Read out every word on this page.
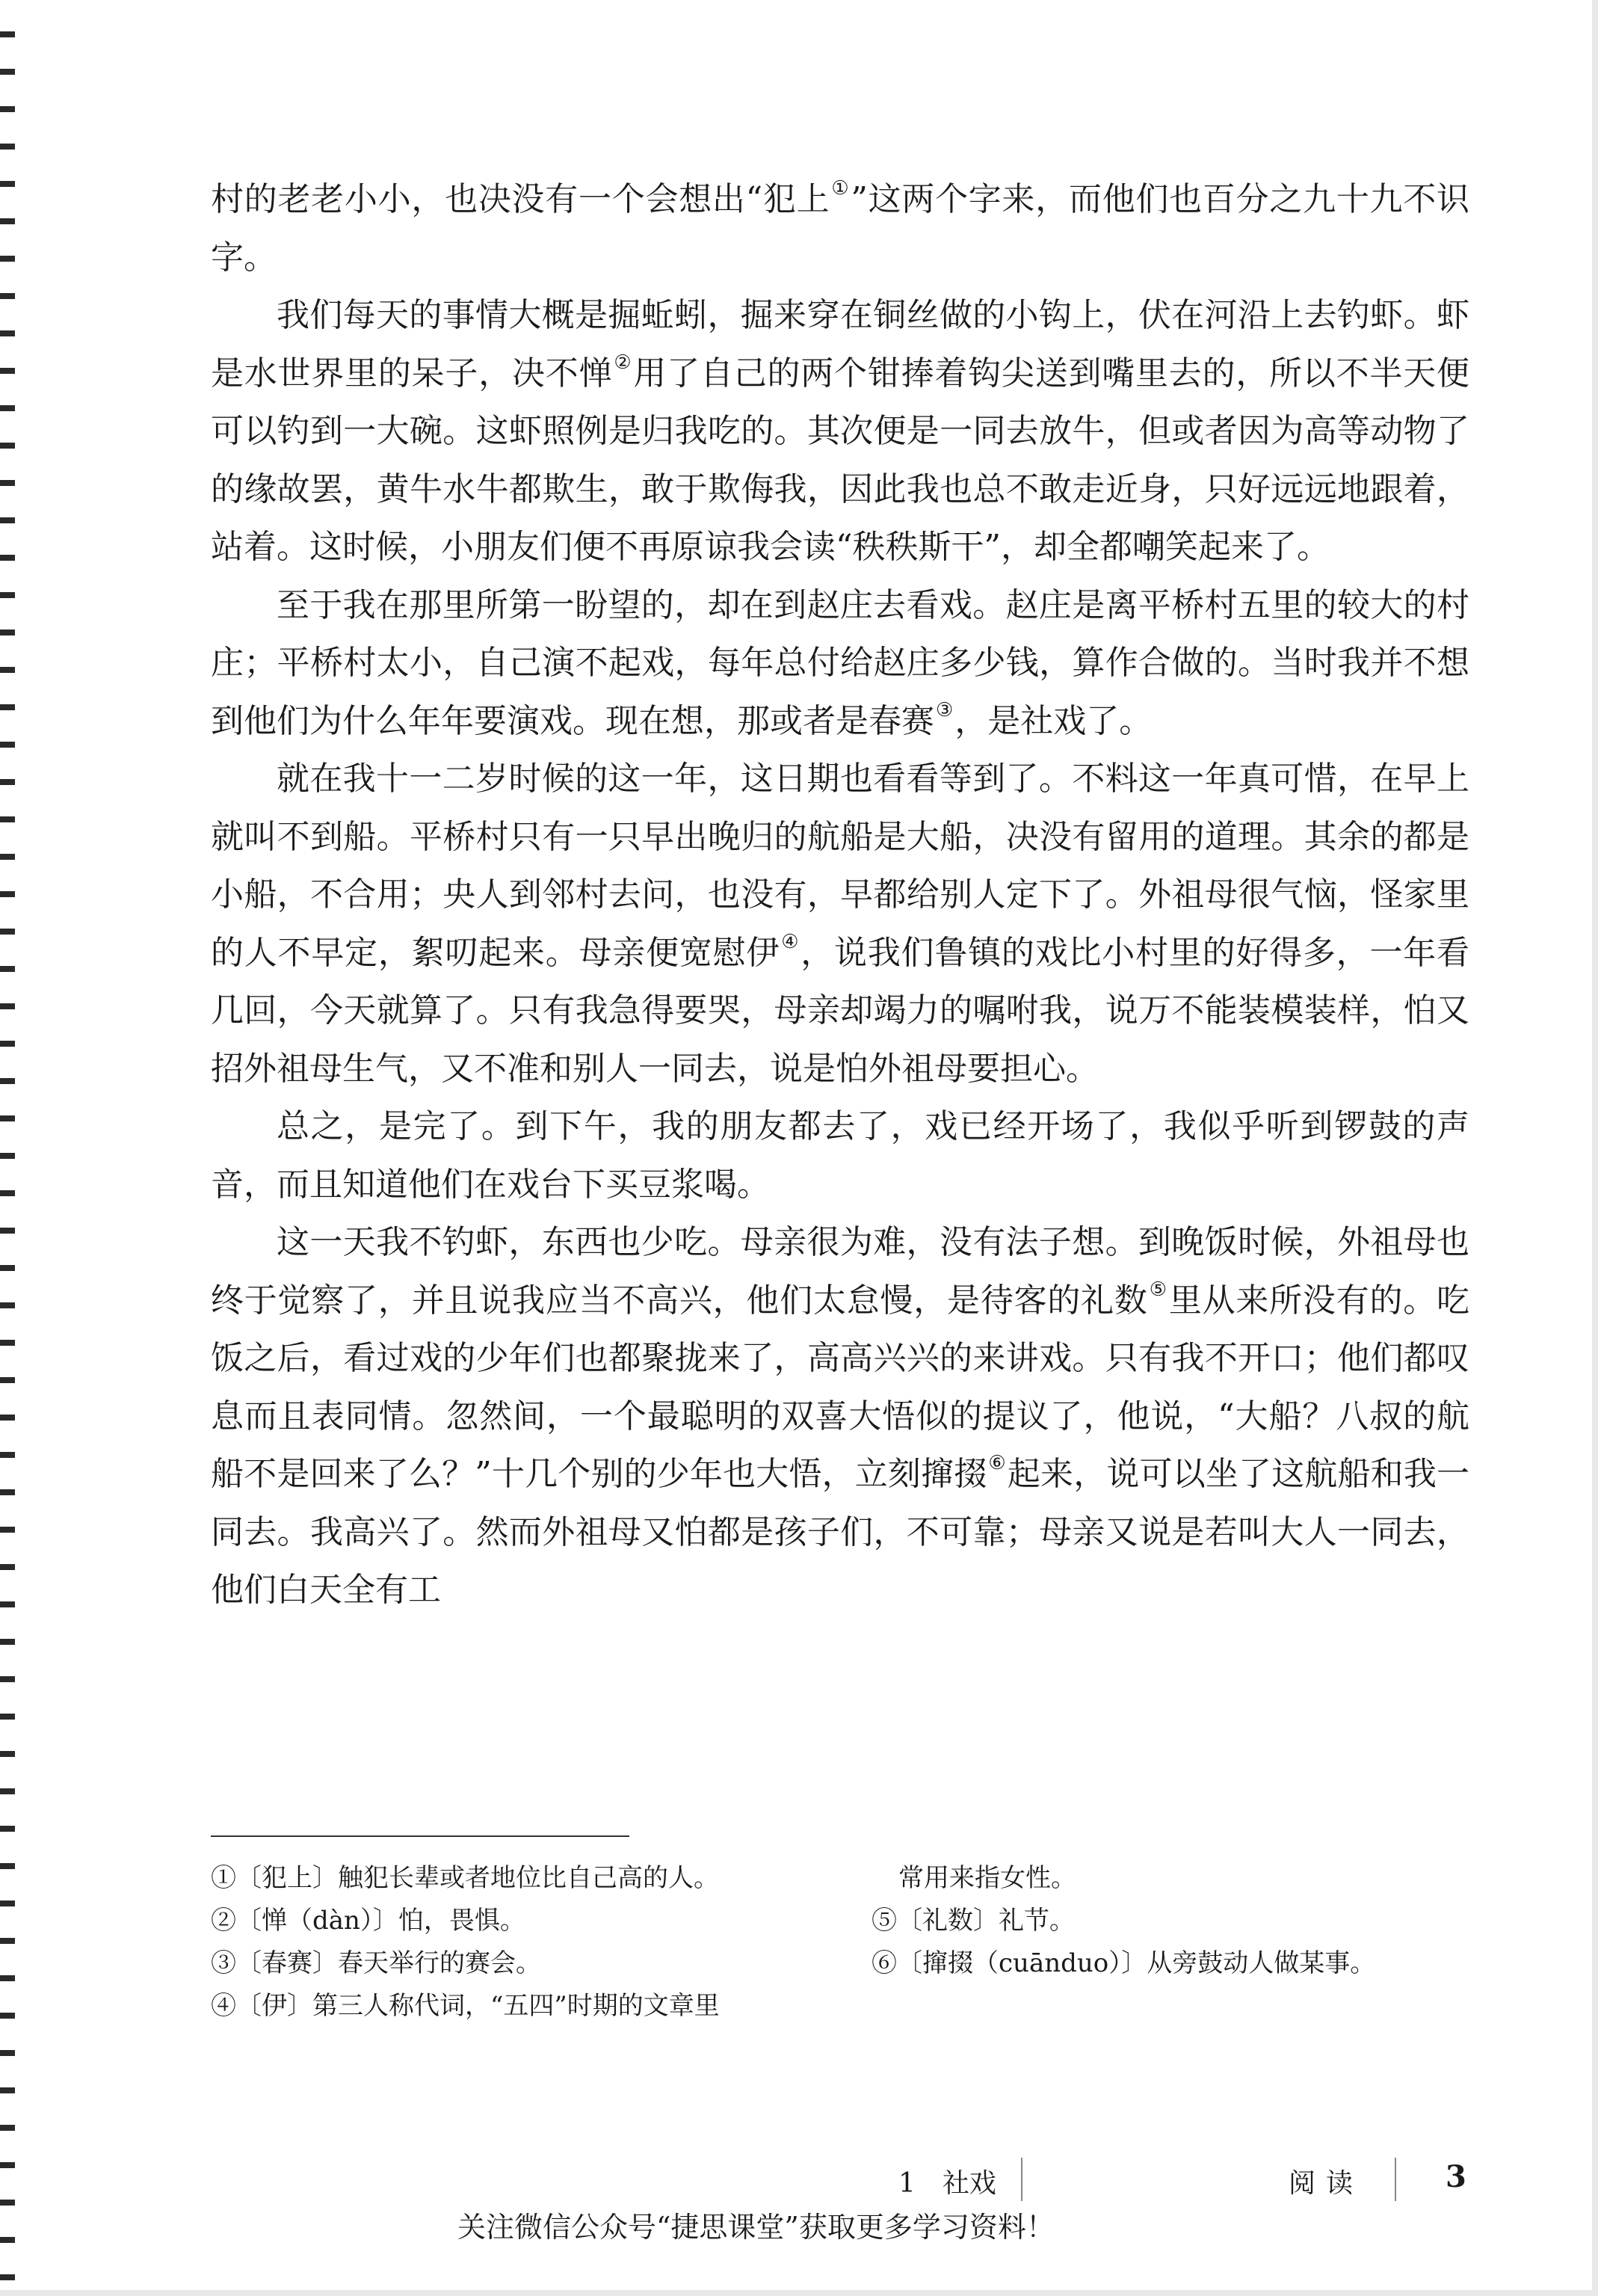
村的老老小小，也决没有一个会想出“犯上①”这两个字来，而他们也百分之九十九不识字。

我们每天的事情大概是掘蚯蚓，掘来穿在铜丝做的小钩上，伏在河沿上去钓虾。虾是水世界里的呆子，决不惮②用了自己的两个钳捧着钩尖送到嘴里去的，所以不半天便可以钓到一大碗。这虾照例是归我吃的。其次便是一同去放牛，但或者因为高等动物了的缘故罢，黄牛水牛都欺生，敢于欺侮我，因此我也总不敢走近身，只好远远地跟着，站着。这时候，小朋友们便不再原谅我会读“秩秩斯干”，却全都嘲笑起来了。

至于我在那里所第一盼望的，却在到赵庄去看戏。赵庄是离平桥村五里的较大的村庄；平桥村太小，自己演不起戏，每年总付给赵庄多少钱，算作合做的。当时我并不想到他们为什么年年要演戏。现在想，那或者是春赛③，是社戏了。

就在我十一二岁时候的这一年，这日期也看看等到了。不料这一年真可惜，在早上就叫不到船。平桥村只有一只早出晚归的航船是大船，决没有留用的道理。其余的都是小船，不合用；央人到邻村去问，也没有，早都给别人定下了。外祖母很气恼，怪家里的人不早定，絮叨起来。母亲便宽慰伊④，说我们鲁镇的戏比小村里的好得多，一年看几回，今天就算了。只有我急得要哭，母亲却竭力的嘱咐我，说万不能装模装样，怕又招外祖母生气，又不准和别人一同去，说是怕外祖母要担心。

总之，是完了。到下午，我的朋友都去了，戏已经开场了，我似乎听到锣鼓的声音，而且知道他们在戏台下买豆浆喝。

这一天我不钓虾，东西也少吃。母亲很为难，没有法子想。到晚饭时候，外祖母也终于觉察了，并且说我应当不高兴，他们太怠慢，是待客的礼数⑤里从来所没有的。吃饭之后，看过戏的少年们也都聚拢来了，高高兴兴的来讲戏。只有我不开口；他们都叹息而且表同情。忽然间，一个最聪明的双喜大悟似的提议了，他说，“大船？八叔的航船不是回来了么？”十几个别的少年也大悟，立刻撺掇⑥起来，说可以坐了这航船和我一同去。我高兴了。然而外祖母又怕都是孩子们，不可靠；母亲又说是若叫大人一同去，他们白天全有工

①〔犯上〕触犯长辈或者地位比自己高的人。
②〔惮（dàn）〕怕，畏惧。
③〔春赛〕春天举行的赛会。
④〔伊〕第三人称代词，“五四”时期的文章里
常用来指女性。
⑤〔礼数〕礼节。
⑥〔撺掇（cuānduo）〕从旁鼓动人做某事。
1　社戏	阅读	3
关注微信公众号“捷思课堂”获取更多学习资料！
